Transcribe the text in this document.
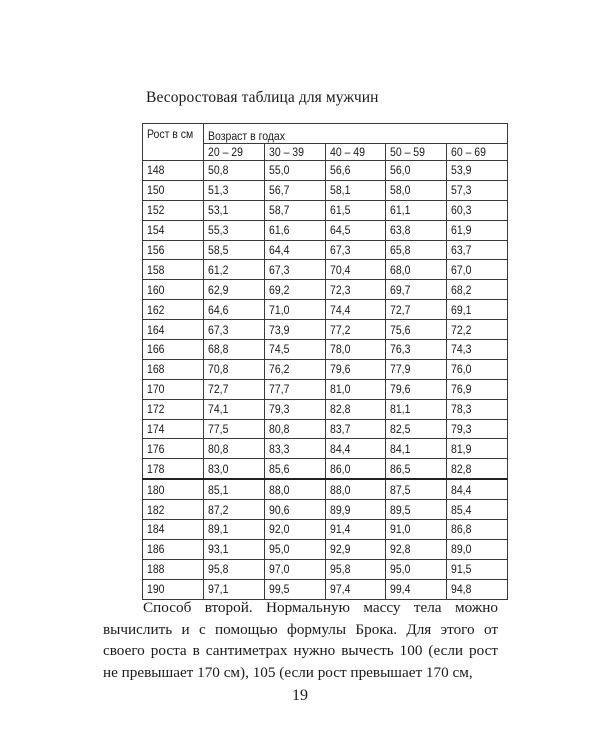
Весоростовая таблица для мужчин
Рост в см	Возраст в годах				
	20 – 29	30 – 39	40 – 49	50 – 59	60 – 69
148	50,8	55,0	56,6	56,0	53,9
150	51,3	56,7	58,1	58,0	57,3
152	53,1	58,7	61,5	61,1	60,3
154	55,3	61,6	64,5	63,8	61,9
156	58,5	64,4	67,3	65,8	63,7
158	61,2	67,3	70,4	68,0	67,0
160	62,9	69,2	72,3	69,7	68,2
162	64,6	71,0	74,4	72,7	69,1
164	67,3	73,9	77,2	75,6	72,2
166	68,8	74,5	78,0	76,3	74,3
168	70,8	76,2	79,6	77,9	76,0
170	72,7	77,7	81,0	79,6	76,9
172	74,1	79,3	82,8	81,1	78,3
174	77,5	80,8	83,7	82,5	79,3
176	80,8	83,3	84,4	84,1	81,9
178	83,0	85,6	86,0	86,5	82,8
180	85,1	88,0	88,0	87,5	84,4
182	87,2	90,6	89,9	89,5	85,4
184	89,1	92,0	91,4	91,0	86,8
186	93,1	95,0	92,9	92,8	89,0
188	95,8	97,0	95,8	95,0	91,5
190	97,1	99,5	97,4	99,4	94,8

Способ второй. Нормальную массу тела можно вычислить и с помощью формулы Брока. Для этого от своего роста в сантиметрах нужно вычесть 100 (если рост не превышает 170 см), 105 (если рост превышает 170 см,

19
